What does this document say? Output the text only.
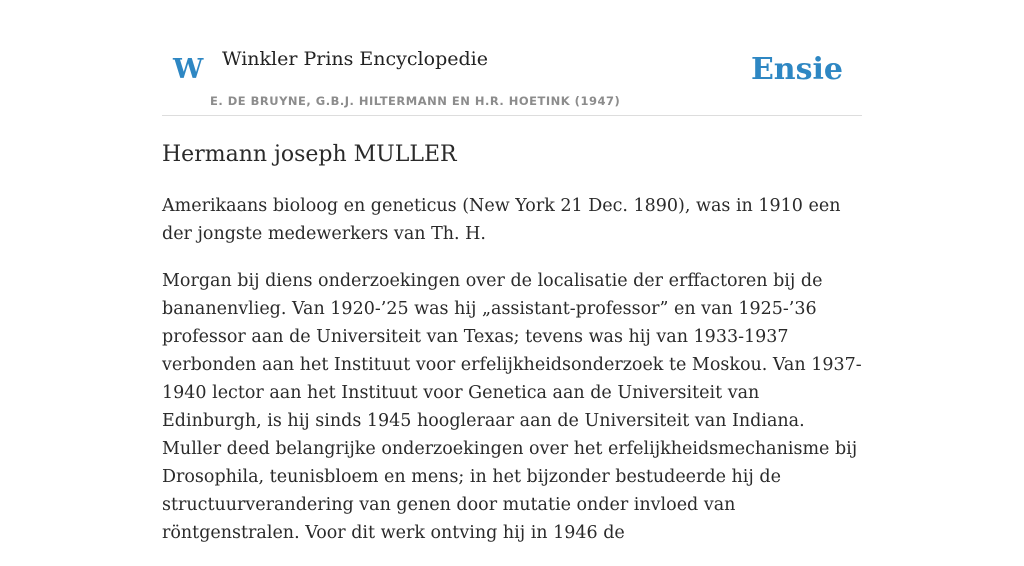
W Winkler Prins Encyclopedie
E. DE BRUYNE, G.B.J. HILTERMANN EN H.R. HOETINK (1947)
Ensie
Hermann joseph MULLER

Amerikaans bioloog en geneticus (New York 21 Dec. 1890), was in 1910 een der jongste medewerkers van Th. H.

Morgan bij diens onderzoekingen over de localisatie der erffactoren bij de bananenvlieg. Van 1920-’25 was hij „assistant-professor” en van 1925-’36 professor aan de Universiteit van Texas; tevens was hij van 1933-1937 verbonden aan het Instituut voor erfelijkheidsonderzoek te Moskou. Van 1937-1940 lector aan het Instituut voor Genetica aan de Universiteit van Edinburgh, is hij sinds 1945 hoogleraar aan de Universiteit van Indiana. Muller deed belangrijke onderzoekingen over het erfelijkheidsmechanisme bij Drosophila, teunisbloem en mens; in het bijzonder bestudeerde hij de structuurverandering van genen door mutatie onder invloed van röntgenstralen. Voor dit werk ontving hij in 1946 de
